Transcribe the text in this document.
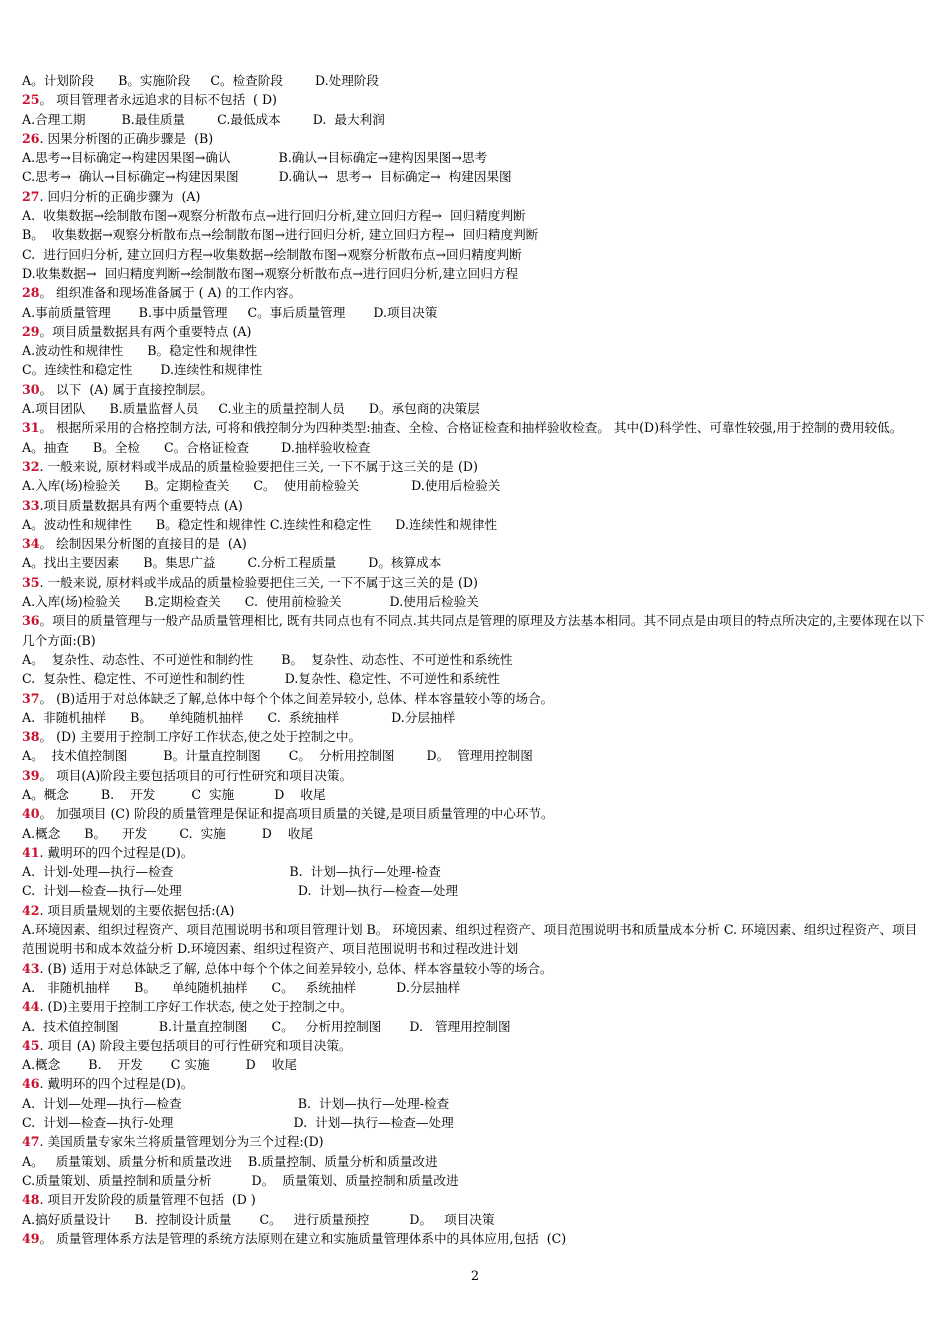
A。计划阶段      B。实施阶段     C。检查阶段        D.处理阶段
25。 项目管理者永远追求的目标不包括  ( D)
A.合理工期         B.最佳质量        C.最低成本        D.  最大利润
26. 因果分析图的正确步骤是  (B)
A.思考→目标确定→构建因果图→确认            B.确认→目标确定→建构因果图→思考
C.思考→  确认→目标确定→构建因果图          D.确认→  思考→  目标确定→  构建因果图
27. 回归分析的正确步骤为  (A)
A.  收集数据→绘制散布图→观察分析散布点→进行回归分析,建立回归方程→  回归精度判断
B。  收集数据→观察分析散布点→绘制散布图→进行回归分析, 建立回归方程→  回归精度判断
C.  进行回归分析, 建立回归方程→收集数据→绘制散布图→观察分析散布点→回归精度判断
D.收集数据→  回归精度判断→绘制散布图→观察分析散布点→进行回归分析,建立回归方程
28。 组织准备和现场准备属于 ( A) 的工作内容。
A.事前质量管理       B.事中质量管理     C。事后质量管理       D.项目决策
29。项目质量数据具有两个重要特点 (A)
A.波动性和规律性      B。稳定性和规律性
C。连续性和稳定性       D.连续性和规律性
30。 以下  (A) 属于直接控制层。
A.项目团队      B.质量监督人员     C.业主的质量控制人员      D。承包商的决策层
31。 根据所采用的合格控制方法, 可将和俄控制分为四种类型:抽查、全检、合格证检查和抽样验收检查。 其中(D)科学性、可靠性较强,用于控制的费用较低。
A。抽查      B。全检      C。合格证检查        D.抽样验收检查
32. 一般来说, 原材料或半成品的质量检验要把住三关, 一下不属于这三关的是 (D)
A.入库(场)检验关      B。定期检查关      C。  使用前检验关             D.使用后检验关
33.项目质量数据具有两个重要特点 (A)
A。波动性和规律性      B。稳定性和规律性 C.连续性和稳定性      D.连续性和规律性
34。 绘制因果分析图的直接目的是  (A)
A。找出主要因素      B。集思广益        C.分析工程质量        D。核算成本
35. 一般来说, 原材料或半成品的质量检验要把住三关, 一下不属于这三关的是 (D)
A.入库(场)检验关      B.定期检查关      C.  使用前检验关            D.使用后检验关
36。项目的质量管理与一般产品质量管理相比, 既有共同点也有不同点.其共同点是管理的原理及方法基本相同。其不同点是由项目的特点所决定的,主要体现在以下几个方面:(B)
A。  复杂性、动态性、不可逆性和制约性       B。  复杂性、动态性、不可逆性和系统性
C.  复杂性、稳定性、不可逆性和制约性          D.复杂性、稳定性、不可逆性和系统性
37。 (B)适用于对总体缺乏了解,总体中每个个体之间差异较小, 总体、样本容量较小等的场合。
A.  非随机抽样      B。    单纯随机抽样      C.  系统抽样             D.分层抽样
38。 (D) 主要用于控制工序好工作状态,使之处于控制之中。
A。  技术值控制图         B。计量直控制图       C。  分析用控制图        D。  管理用控制图
39。 项目(A)阶段主要包括项目的可行性研究和项目决策。
A。概念        B.    开发         C  实施          D    收尾
40。 加强项目 (C) 阶段的质量管理是保证和提高项目质量的关键,是项目质量管理的中心环节。
A.概念      B。    开发        C.  实施         D    收尾
41. 戴明环的四个过程是(D)。
A.  计划-处理—执行—检查                             B.  计划—执行—处理-检查
C.  计划—检查—执行—处理                             D.  计划—执行—检查—处理
42. 项目质量规划的主要依据包括:(A)
A.环境因素、组织过程资产、项目范围说明书和项目管理计划 B。 环境因素、组织过程资产、项目范围说明书和质量成本分析 C. 环境因素、组织过程资产、项目范围说明书和成本效益分析 D.环境因素、组织过程资产、项目范围说明书和过程改进计划
43. (B) 适用于对总体缺乏了解, 总体中每个个体之间差异较小, 总体、样本容量较小等的场合。
A.   非随机抽样      B。    单纯随机抽样      C。   系统抽样          D.分层抽样
44. (D)主要用于控制工序好工作状态, 使之处于控制之中。
A.  技术值控制图          B.计量直控制图      C。   分析用控制图       D.   管理用控制图
45. 项目 (A) 阶段主要包括项目的可行性研究和项目决策。
A.概念       B.    开发       C 实施         D    收尾
46. 戴明环的四个过程是(D)。
A.  计划—处理—执行—检查                             B.  计划—执行—处理-检查
C.  计划—检查—执行-处理                              D.  计划—执行—检查—处理
47. 美国质量专家朱兰将质量管理划分为三个过程:(D)
A。   质量策划、质量分析和质量改进    B.质量控制、质量分析和质量改进
C.质量策划、质量控制和质量分析          D。  质量策划、质量控制和质量改进
48. 项目开发阶段的质量管理不包括  (D )
A.搞好质量设计      B.  控制设计质量       C。   进行质量预控          D。   项目决策
49。 质量管理体系方法是管理的系统方法原则在建立和实施质量管理体系中的具体应用,包括  (C)
2
